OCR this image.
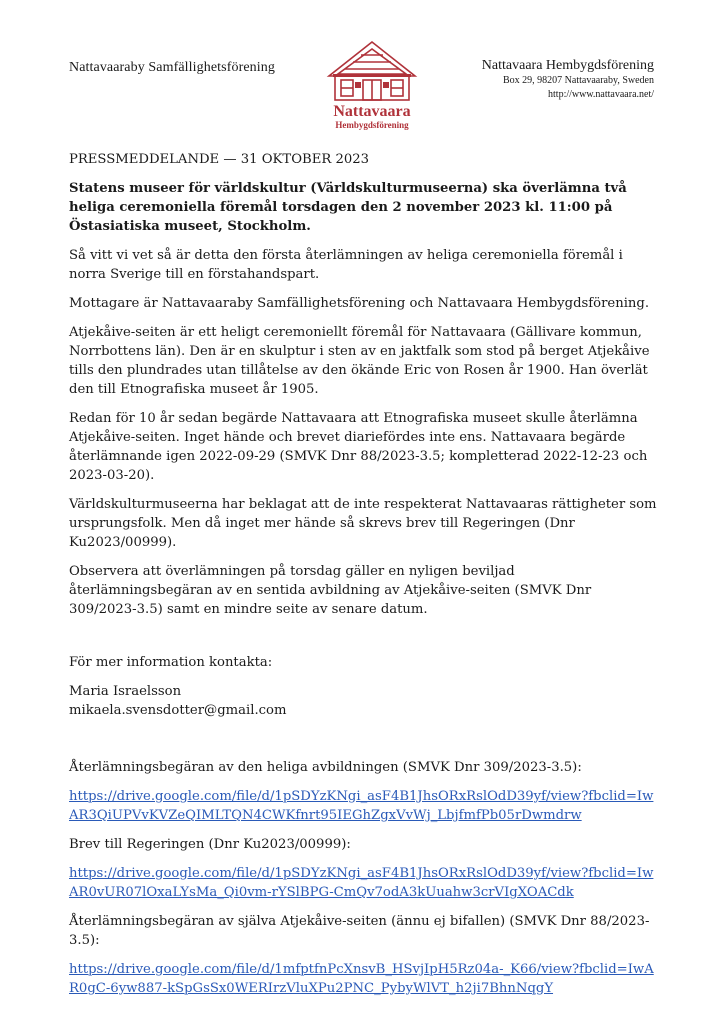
Nattavaaraby Samfällighetsförening
Nattavaara
Hembygdsförening
Nattavaara Hembygdsförening
Box 29, 98207 Nattavaaraby, Sweden
http://www.nattavaara.net/

PRESSMEDDELANDE — 31 OKTOBER 2023

Statens museer för världskultur (Världskulturmuseerna) ska överlämna två heliga ceremoniella föremål torsdagen den 2 november 2023 kl. 11:00 på Östasiatiska museet, Stockholm.

Så vitt vi vet så är detta den första återlämningen av heliga ceremoniella föremål i norra Sverige till en förstahandspart.

Mottagare är Nattavaaraby Samfällighetsförening och Nattavaara Hembygdsförening.

Atjekåive-seiten är ett heligt ceremoniellt föremål för Nattavaara (Gällivare kommun, Norrbottens län). Den är en skulptur i sten av en jaktfalk som stod på berget Atjekåive tills den plundrades utan tillåtelse av den ökände Eric von Rosen år 1900. Han överlät den till Etnografiska museet år 1905.

Redan för 10 år sedan begärde Nattavaara att Etnografiska museet skulle återlämna Atjekåive-seiten. Inget hände och brevet diariefördes inte ens. Nattavaara begärde återlämnande igen 2022-09-29 (SMVK Dnr 88/2023-3.5; kompletterad 2022-12-23 och 2023-03-20).

Världskulturmuseerna har beklagat att de inte respekterat Nattavaaras rättigheter som ursprungsfolk. Men då inget mer hände så skrevs brev till Regeringen (Dnr Ku2023/00999).

Observera att överlämningen på torsdag gäller en nyligen beviljad återlämningsbegäran av en sentida avbildning av Atjekåive-seiten (SMVK Dnr 309/2023-3.5) samt en mindre seite av senare datum.

För mer information kontakta:

Maria Israelsson

mikaela.svensdotter@gmail.com

Återlämningsbegäran av den heliga avbildningen (SMVK Dnr 309/2023-3.5):

https://drive.google.com/file/d/1pSDYzKNgi_asF4B1JhsORxRslOdD39yf/view?fbclid=IwAR3QiUPVvKVZeQIMLTQN4CWKfnrt95IEGhZgxVvWj_LbjfmfPb05rDwmdrw

Brev till Regeringen (Dnr Ku2023/00999):

https://drive.google.com/file/d/1pSDYzKNgi_asF4B1JhsORxRslOdD39yf/view?fbclid=IwAR0vUR07lOxaLYsMa_Qi0vm-rYSlBPG-CmQv7odA3kUuahw3crVIgXOACdk

Återlämningsbegäran av själva Atjekåive-seiten (ännu ej bifallen) (SMVK Dnr 88/2023-3.5):

https://drive.google.com/file/d/1mfptfnPcXnsvB_HSvjIpH5Rz04a-_K66/view?fbclid=IwAR0gC-6yw887-kSpGsSx0WERIrzVluXPu2PNC_PybyWlVT_h2ji7BhnNqgY
